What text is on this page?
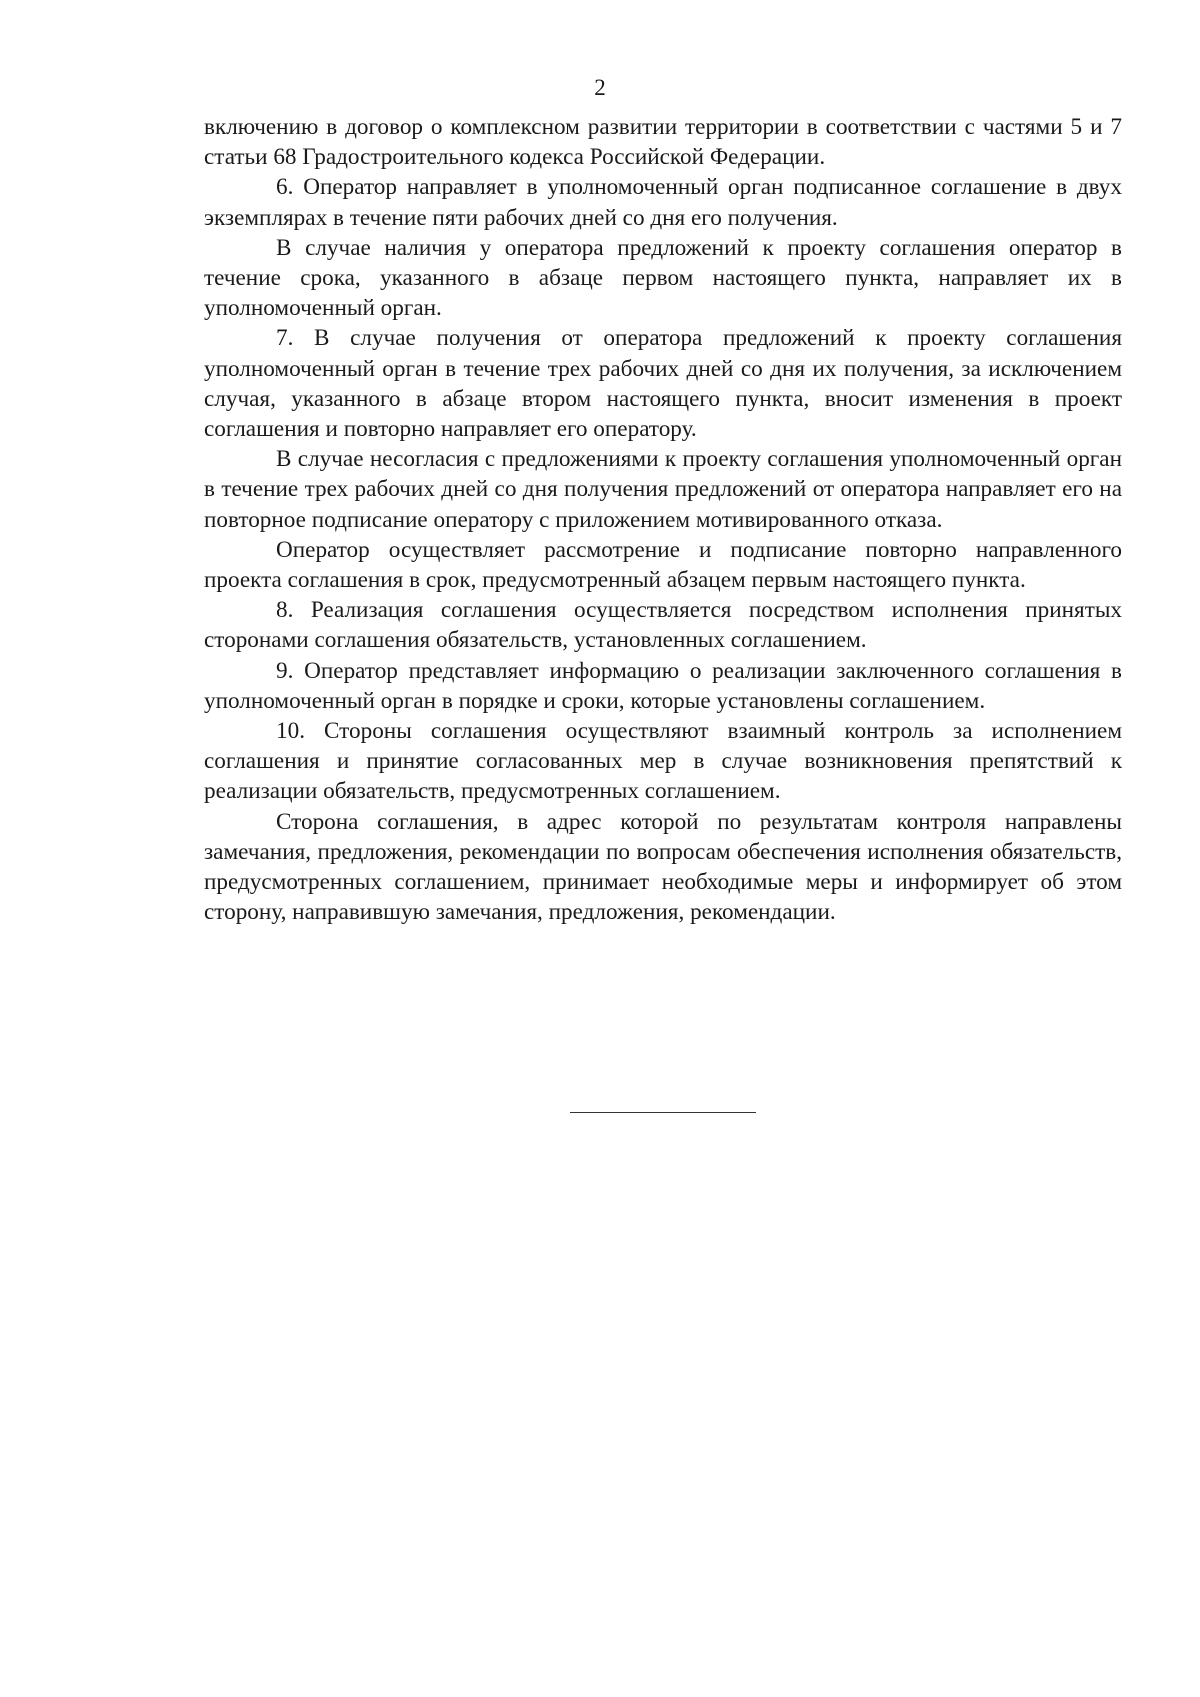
2

включению в договор о комплексном развитии территории в соответствии с частями 5 и 7 статьи 68 Градостроительного кодекса Российской Федерации.

6. Оператор направляет в уполномоченный орган подписанное соглашение в двух экземплярах в течение пяти рабочих дней со дня его получения.

В случае наличия у оператора предложений к проекту соглашения оператор в течение срока, указанного в абзаце первом настоящего пункта, направляет их в уполномоченный орган.

7. В случае получения от оператора предложений к проекту соглашения уполномоченный орган в течение трех рабочих дней со дня их получения, за исключением случая, указанного в абзаце втором настоящего пункта, вносит изменения в проект соглашения и повторно направляет его оператору.

В случае несогласия с предложениями к проекту соглашения уполномоченный орган в течение трех рабочих дней со дня получения предложений от оператора направляет его на повторное подписание оператору с приложением мотивированного отказа.

Оператор осуществляет рассмотрение и подписание повторно направленного проекта соглашения в срок, предусмотренный абзацем первым настоящего пункта.

8. Реализация соглашения осуществляется посредством исполнения принятых сторонами соглашения обязательств, установленных соглашением.

9. Оператор представляет информацию о реализации заключенного соглашения в уполномоченный орган в порядке и сроки, которые установлены соглашением.

10. Стороны соглашения осуществляют взаимный контроль за исполнением соглашения и принятие согласованных мер в случае возникновения препятствий к реализации обязательств, предусмотренных соглашением.

Сторона соглашения, в адрес которой по результатам контроля направлены замечания, предложения, рекомендации по вопросам обеспечения исполнения обязательств, предусмотренных соглашением, принимает необходимые меры и информирует об этом сторону, направившую замечания, предложения, рекомендации.
